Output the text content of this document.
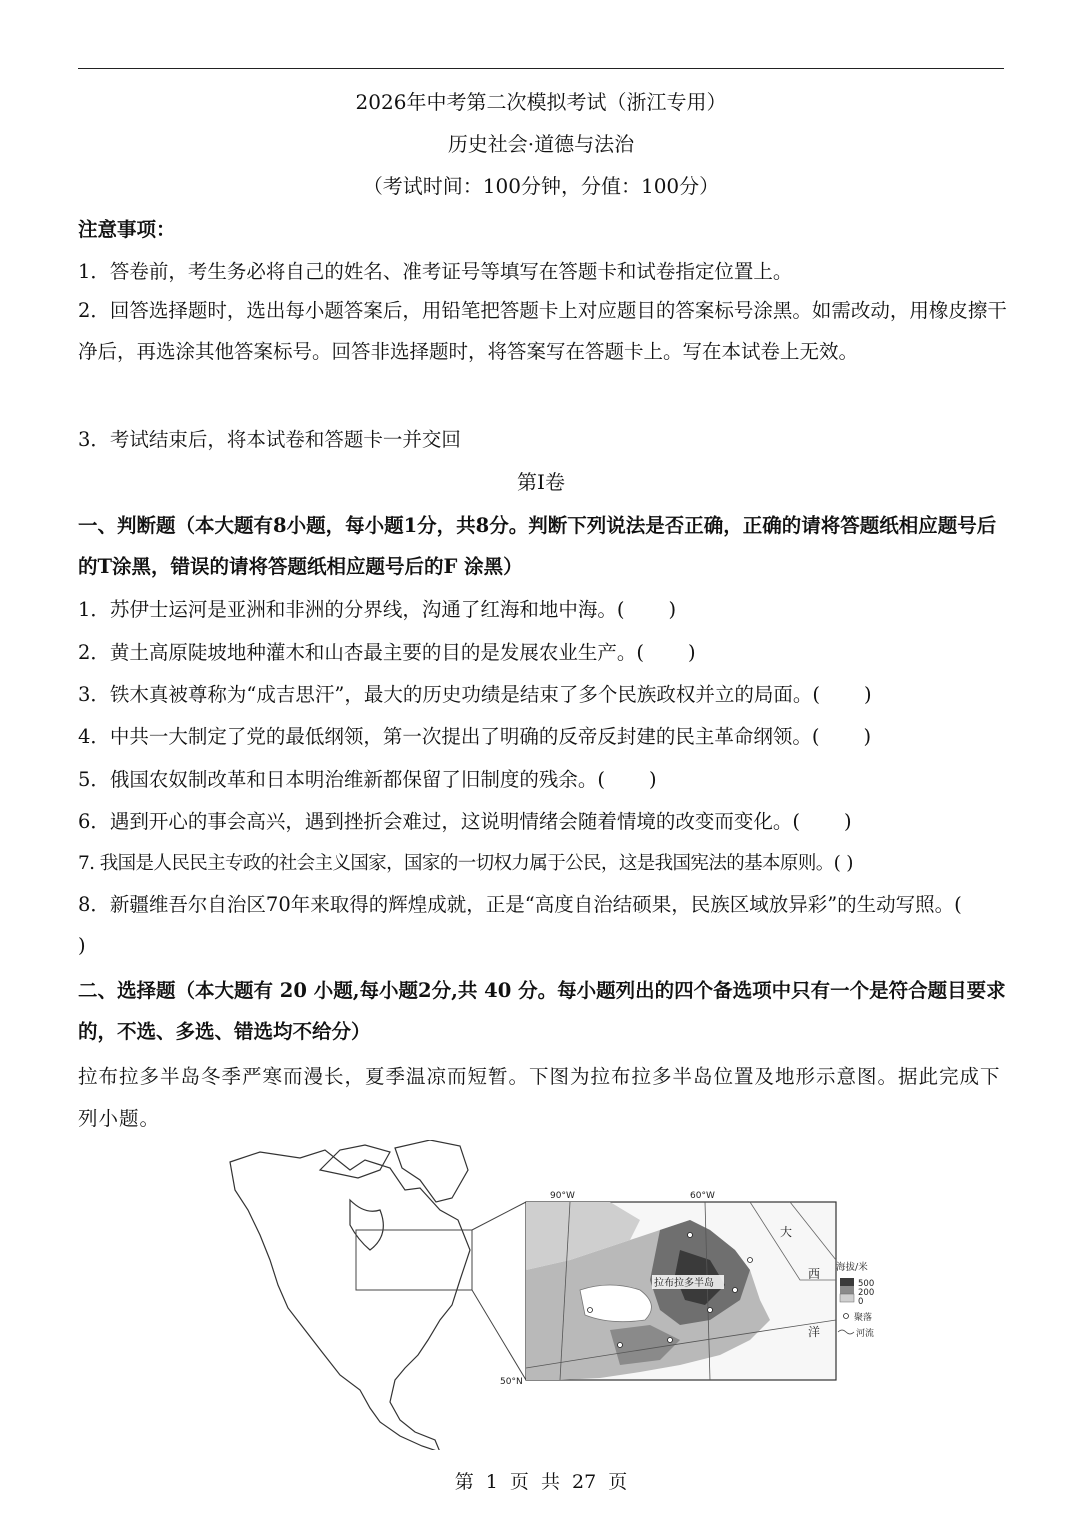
2026年中考第二次模拟考试（浙江专用）
历史社会·道德与法治
（考试时间：100分钟，分值：100分）
注意事项：
1．答卷前，考生务必将自己的姓名、准考证号等填写在答题卡和试卷指定位置上。
2．回答选择题时，选出每小题答案后，用铅笔把答题卡上对应题目的答案标号涂黑。如需改动，用橡皮擦干净后，再选涂其他答案标号。回答非选择题时，将答案写在答题卡上。写在本试卷上无效。
3．考试结束后，将本试卷和答题卡一并交回
第Ⅰ卷
一、判断题（本大题有8小题，每小题1分，共8分。判断下列说法是否正确，正确的请将答题纸相应题号后的T涂黑，错误的请将答题纸相应题号后的F 涂黑）
1．苏伊士运河是亚洲和非洲的分界线，沟通了红海和地中海。( )
2．黄土高原陡坡地种灌木和山杏最主要的目的是发展农业生产。( )
3．铁木真被尊称为“成吉思汗”，最大的历史功绩是结束了多个民族政权并立的局面。( )
4．中共一大制定了党的最低纲领，第一次提出了明确的反帝反封建的民主革命纲领。( )
5．俄国农奴制改革和日本明治维新都保留了旧制度的残余。( )
6．遇到开心的事会高兴，遇到挫折会难过，这说明情绪会随着情境的改变而变化。( )
7. 我国是人民民主专政的社会主义国家，国家的一切权力属于公民，这是我国宪法的基本原则。( )
8．新疆维吾尔自治区70年来取得的辉煌成就，正是“高度自治结硕果，民族区域放异彩”的生动写照。()
二、选择题（本大题有 20 小题,每小题2分,共 40 分。每小题列出的四个备选项中只有一个是符合题目要求的，不选、多选、错选均不给分）
拉布拉多半岛冬季严寒而漫长，夏季温凉而短暂。下图为拉布拉多半岛位置及地形示意图。据此完成下列小题。
拉布拉多半岛
90°W	60°W
50°N
大
西
洋
海拔/米
500
200
0
聚落
河流
第 1 页 共 27 页
